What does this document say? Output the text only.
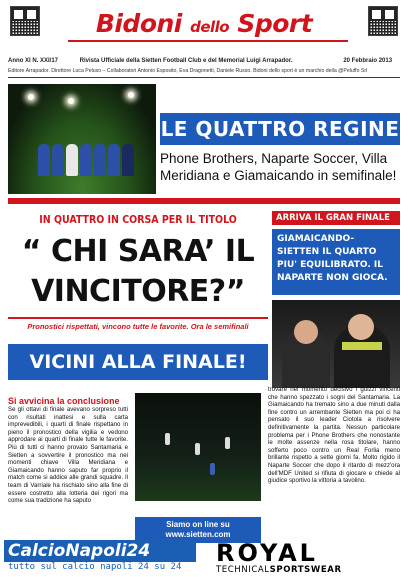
Bidoni dello Sport
Anno XI N. XXI/17	Rivista Ufficiale della Sietten Football Club e del Memorial Luigi Arrapador.	20 Febbraio 2013
Editore Arrapador. Direttore Luca Peluso – Collaboratori Antonio Esposito, Eva Dragonetti, Daniele Russo. Bidoni dello sport è un marchio della @Peluffo Srl
LE QUATTRO REGINE
Phone Brothers, Naparte Soccer, Villa Meridiana e Giamaicando in semifinale!
IN QUATTRO IN CORSA PER IL TITOLO
“ CHI SARA’ IL
VINCITORE?”
Pronostici rispettati, vincono tutte le favorite. Ora le semifinali
VICINI ALLA FINALE!
ARRIVA IL GRAN FINALE
GIAMAICANDO-SIETTEN IL QUARTO PIU' EQUILIBRATO. IL NAPARTE NON GIOCA.
Si avvicina la conclusione
Se gli ottavi di finale avevano sorpreso tutti con risultati inattesi e sulla carta imprevedibili, i quarti di finale rispettano in pieno il pronostico della vigilia e vedono approdare ai quarti di finale tutte le favorite. Più di tutti ci hanno provato Santamaria e Sietten a sovvertire il pronostico ma nei momenti chiave Villa Meridiana e Giamaicando hanno saputo far proprio il match come si addice alle grandi squadre. Il team di Varriale ha rischiato sino alla fine di essere costretto alla lotteria dei rigori ma come sua tradizione ha saputo
Siamo on line su
www.sietten.com
trovare nel momento decisivo i guizzi vincenti che hanno spezzato i sogni del Santamaria. La Giamaicando ha tremato sino a due minuti dalla fine contro un arrembante Sietten ma poi ci ha pensato il suo leader Ciotola a risolvere definitivamente la partita. Nessun particolare problema per i Phone Brothers che nonostante le molte assenze nella rosa titolare, hanno sofferto poco contro un Real Forlia meno brillante rispetto a sette giorni fa. Molto rigido il Naparte Soccer che dopo il ritardo di mezz'ora dell'MDF United si rifiuta di giocare e chiede al giudice sportivo la vittoria a tavolino.
CalcioNapoli24
tutto sul calcio napoli 24 su 24	ROYAL
TECHNICALSPORTSWEAR
